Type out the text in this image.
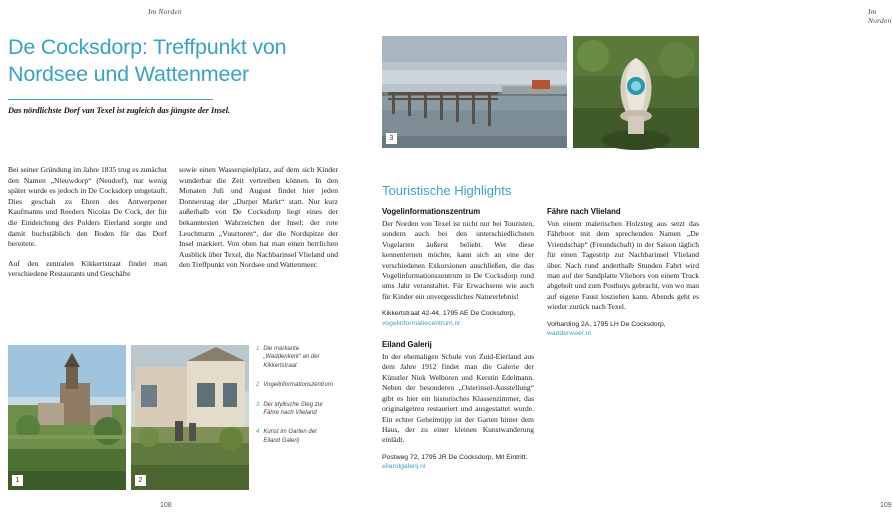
Im Norden
De Cocksdorp: Treffpunkt von Nordsee und Wattenmeer
Das nördlichste Dorf van Texel ist zugleich das jüngste der Insel.

Bei seiner Gründung im Jahre 1835 trug es zunächst den Namen „Nieuwdorp“ (Neudorf), nur wenig später wurde es jedoch in De Cocksdorp umgetauft. Dies geschah zu Ehren des Antwerpener Kaufmanns und Reeders Nicolas De Cock, der für die Eindeichung des Polders Eierland sorgte und damit buchstäblich den Boden für das Dorf bereitete.

Auf den zentralen Kikkertstraat findet man verschiedene Restaurants und Geschäfte

sowie einen Wasserspielplatz, auf dem sich Kinder wunderbar die Zeit vertreiben können. In den Monaten Juli und August findet hier jeden Donnerstag der „Durper Markt“ statt. Nur kurz außerhalb von De Cocksdorp liegt eines der bekanntesten Wahrzeichen der Insel: der rote Leuchtturm „Vuurtoren“, der die Nordspitze der Insel markiert. Von oben hat man einen herrlichen Ausblick über Texel, die Nachbarinsel Vlieland und den Treffpunkt von Nordsee und Wattenmeer.

1	2
1 Die markante „Waddenkerk“ an der Kikkertstraat
2 Vogelinformationszentrum
3 Der idyllische Steg zur Fähre nach Vlieland
4 Kunst im Garten der Eiland Galerij
108
Im Norden
3
Touristische Highlights
Vogelinformationszentrum

Der Norden von Texel ist nicht nur bei Touristen, sondern auch bei den unterschiedlichsten Vogelarten äußerst beliebt. Wer diese kennenlernen möchte, kann sich an eine der verschiedenen Exkursionen anschließen, die das Vogelinformationszentrum in De Cocksdorp rund ums Jahr veranstaltet. Für Erwachsene wie auch für Kinder ein unvergessliches Naturerlebnis!

Kikkertstraat 42-44, 1795 AE De Cocksdorp,
vogelinformatiecentrum.nl
Eiland Galerij

In der ehemaligen Schule von Zuid-Eierland aus dem Jahre 1912 findet man die Galerie der Künstler Niek Welboren und Kerstin Edelmann. Neben der besonderen „Osterinsel-Ausstellung“ gibt es hier ein historisches Klassenzimmer, das originalgetreu restauriert und ausgestattet wurde. Ein echter Geheimtipp ist der Garten hinter dem Haus, der zu einer kleinen Kunstwanderung einlädt.

Postweg 72, 1795 JR De Cocksdorp, Mit Eintritt.
eilandgalerij.nl
Fähre nach Vlieland

Von einem malerischen Holzsteg aus setzt das Fährboot mit dem sprechenden Namen „De Vriendschap“ (Freundschaft) in der Saison täglich für einen Tagestrip zur Nachbarinsel Vlieland über. Nach rund anderthalb Stunden Fahrt wird man auf der Sandplatte Vliehors von einem Truck abgeholt und zum Posthuys gebracht, von wo man auf eigene Faust losziehen kann. Abends geht es wieder zurück nach Texel.

Volharding 2A, 1795 LH De Cocksdorp,
waddenveer.nl
109
